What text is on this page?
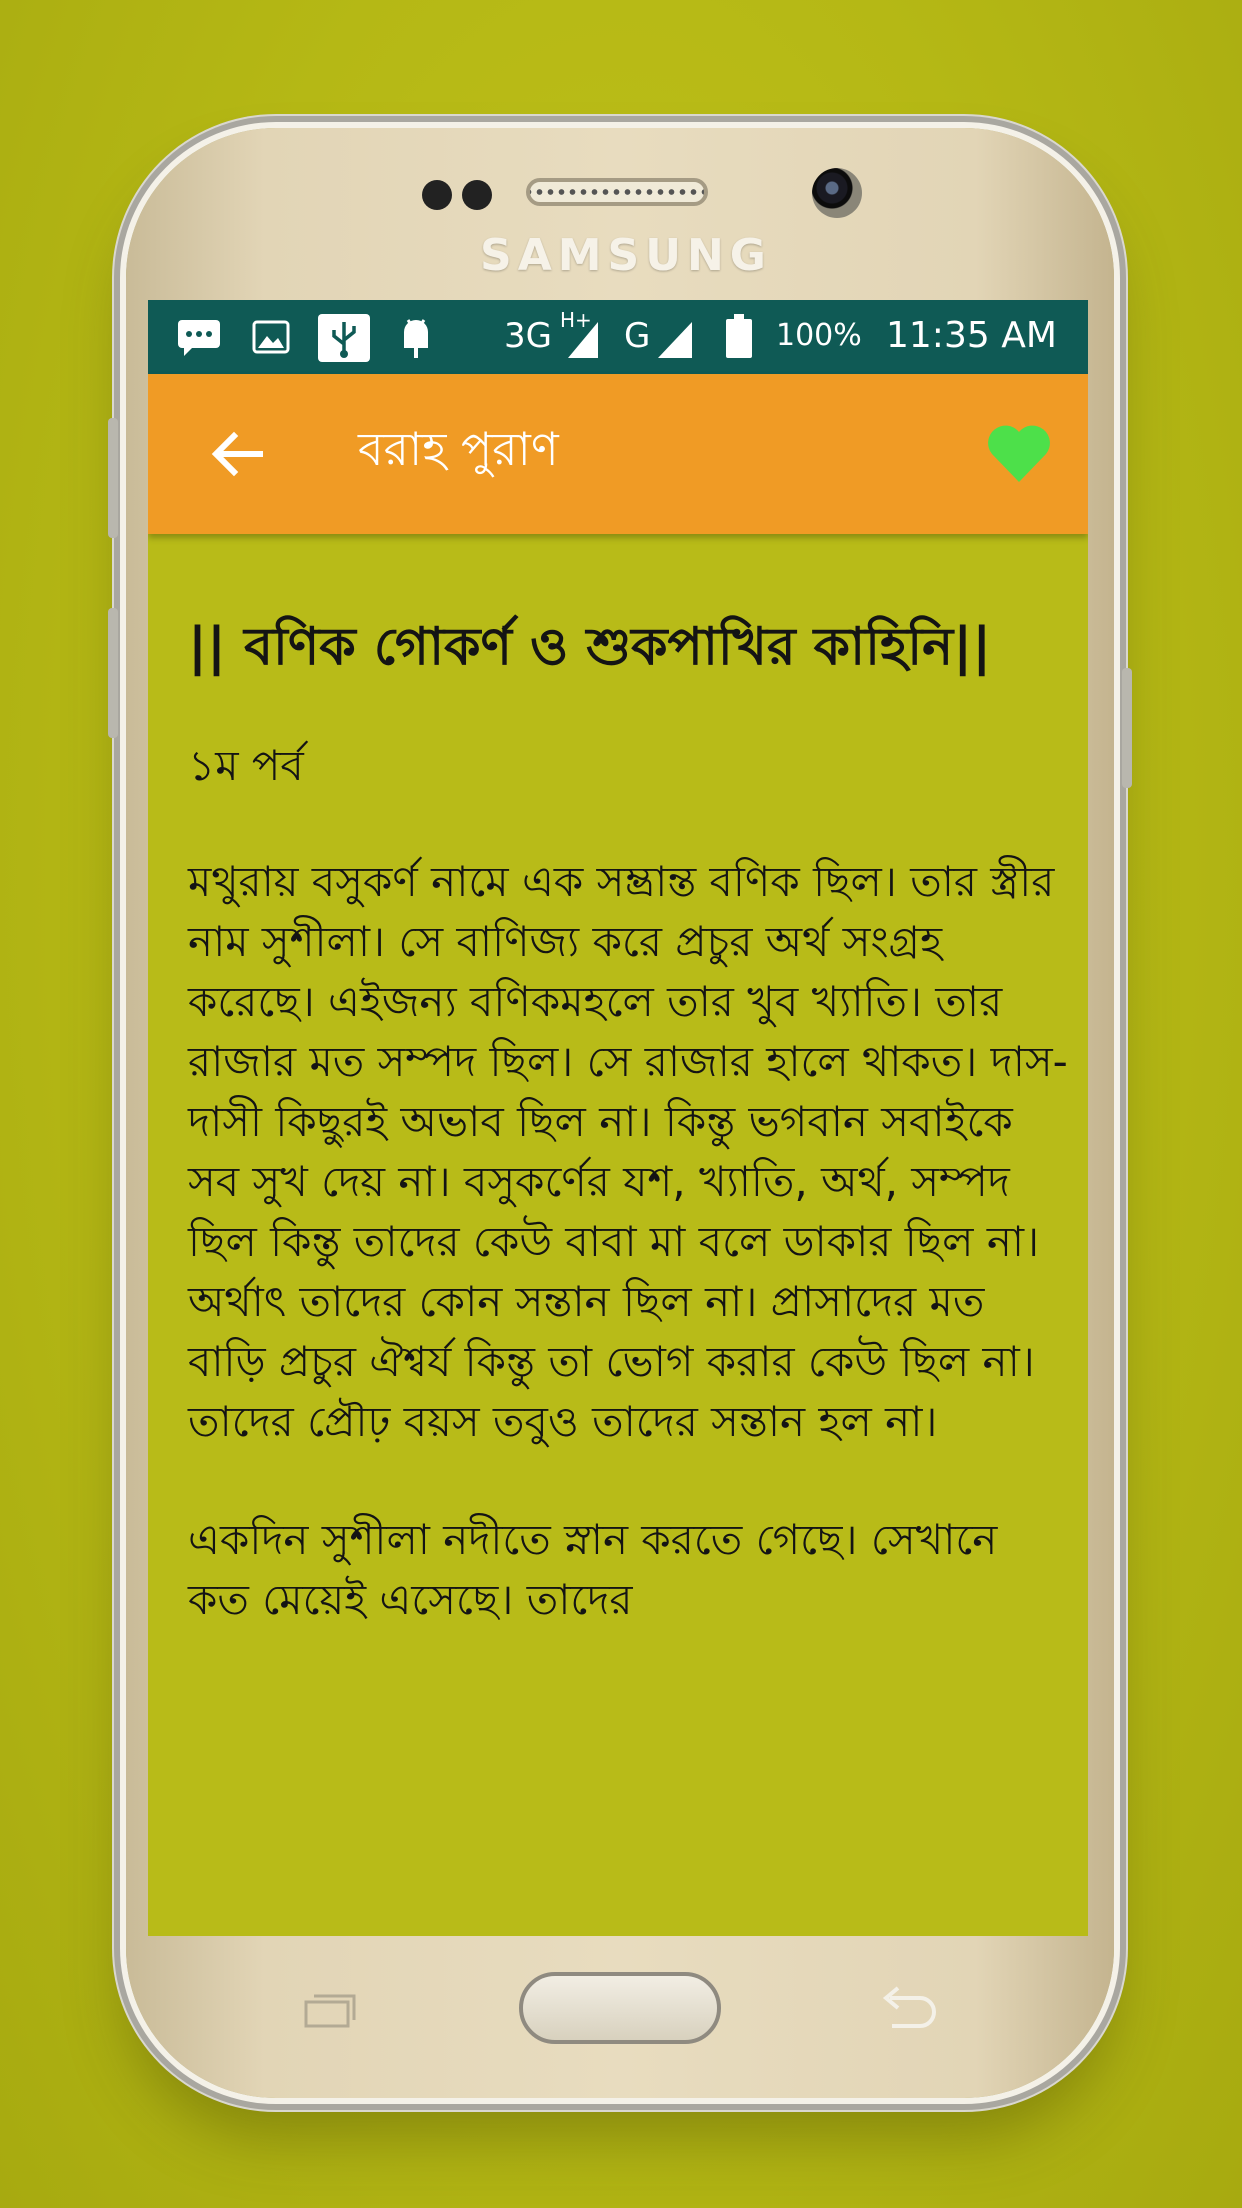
SAMSUNG
3G H+ G	100% 11:35 AM
বরাহ পুরাণ
|| বণিক গোকর্ণ ও শুকপাখির কাহিনি||
১ম পর্ব

মথুরায় বসুকর্ণ নামে এক সম্ভ্রান্ত বণিক ছিল। তার স্ত্রীর নাম সুশীলা। সে বাণিজ্য করে প্রচুর অর্থ সংগ্রহ করেছে। এইজন্য বণিকমহলে তার খুব খ্যাতি। তার রাজার মত সম্পদ ছিল। সে রাজার হালে থাকত। দাস-দাসী কিছুরই অভাব ছিল না। কিন্তু ভগবান সবাইকে সব সুখ দেয় না। বসুকর্ণের যশ, খ্যাতি, অর্থ, সম্পদ ছিল কিন্তু তাদের কেউ বাবা মা বলে ডাকার ছিল না। অর্থাৎ তাদের কোন সন্তান ছিল না। প্রাসাদের মত বাড়ি প্রচুর ঐশ্বর্য কিন্তু তা ভোগ করার কেউ ছিল না। তাদের প্রৌঢ় বয়স তবুও তাদের সন্তান হল না।

একদিন সুশীলা নদীতে স্নান করতে গেছে। সেখানে কত মেয়েই এসেছে। তাদের
